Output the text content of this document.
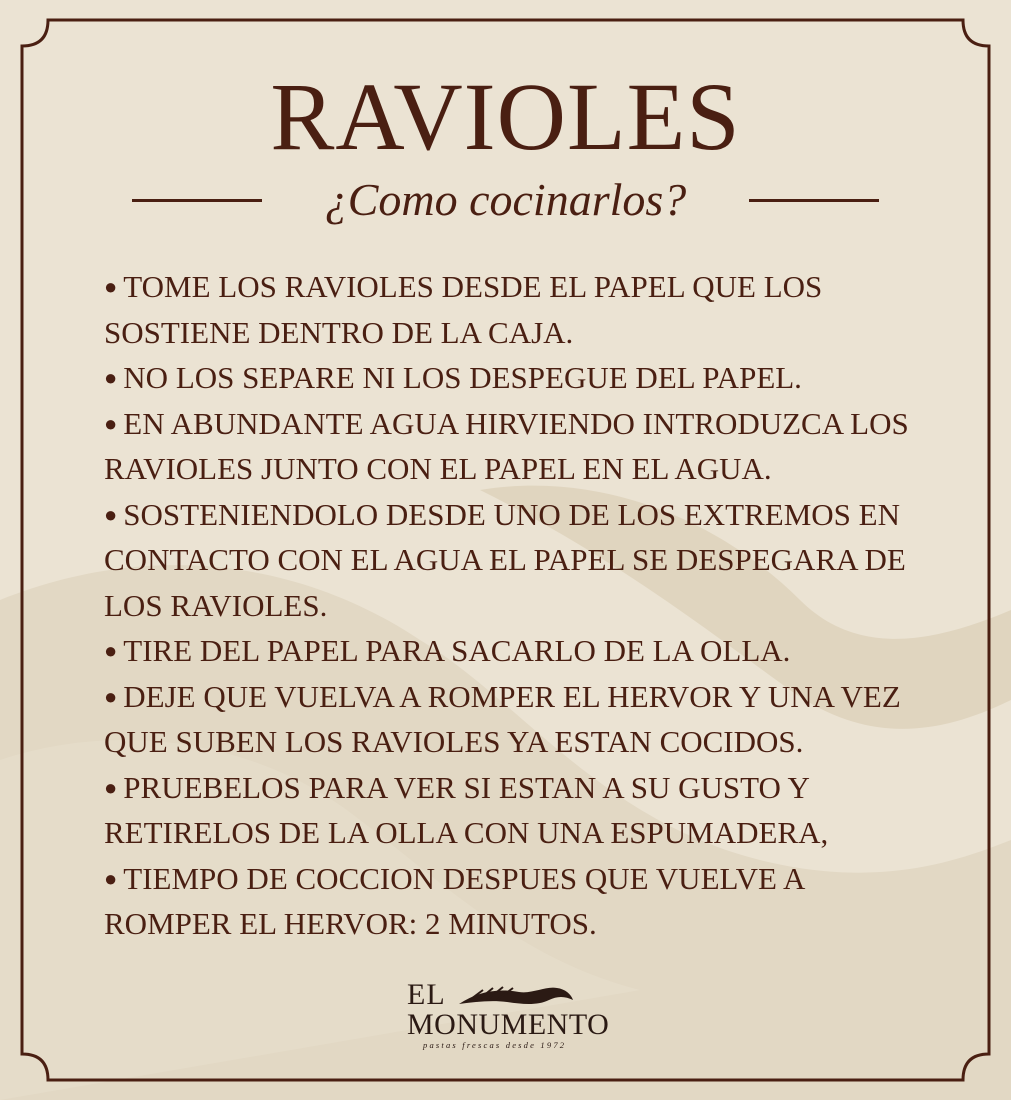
RAVIOLES
¿Como cocinarlos?

● TOME LOS RAVIOLES DESDE EL PAPEL QUE LOS SOSTIENE DENTRO DE LA CAJA.

● NO LOS SEPARE NI LOS DESPEGUE DEL PAPEL.

● EN ABUNDANTE AGUA HIRVIENDO INTRODUZCA LOS RAVIOLES JUNTO CON EL PAPEL EN EL AGUA.

● SOSTENIENDOLO DESDE UNO DE LOS EXTREMOS EN CONTACTO CON EL AGUA EL PAPEL SE DESPEGARA DE LOS RAVIOLES.

● TIRE DEL PAPEL PARA SACARLO DE LA OLLA.

● DEJE QUE VUELVA A ROMPER EL HERVOR Y UNA VEZ QUE SUBEN LOS RAVIOLES YA ESTAN COCIDOS.

● PRUEBELOS PARA VER SI ESTAN A SU GUSTO Y RETIRELOS DE LA OLLA CON UNA ESPUMADERA,

● TIEMPO DE COCCION DESPUES QUE VUELVE A ROMPER EL HERVOR: 2 MINUTOS.

EL
MONUMENTO
pastas frescas desde 1972
